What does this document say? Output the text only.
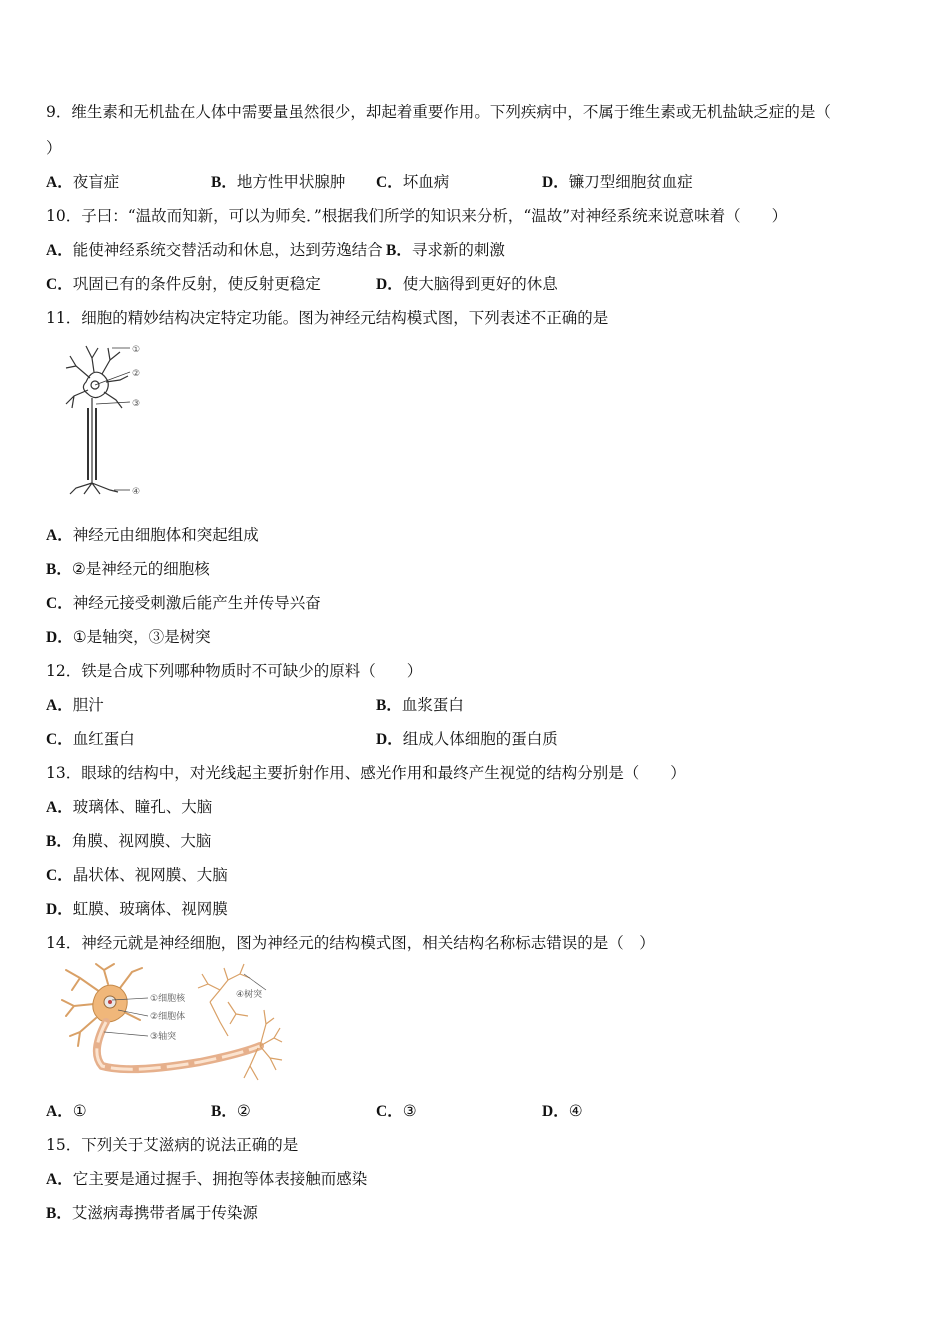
9．维生素和无机盐在人体中需要量虽然很少，却起着重要作用。下列疾病中，不属于维生素或无机盐缺乏症的是（
）
A．夜盲症	B．地方性甲状腺肿 C．坏血病	D．镰刀型细胞贫血症
10．子曰：“温故而知新，可以为师矣．”根据我们所学的知识来分析，“温故”对神经系统来说意味着（　　）
A．能使神经系统交替活动和休息，达到劳逸结合 B．寻求新的刺激
C．巩固已有的条件反射，使反射更稳定	D．使大脑得到更好的休息
11．细胞的精妙结构决定特定功能。图为神经元结构模式图，下列表述不正确的是
①
②
③
④
A．神经元由细胞体和突起组成
B．②是神经元的细胞核
C．神经元接受刺激后能产生并传导兴奋
D．①是轴突，③是树突
12．铁是合成下列哪种物质时不可缺少的原料（　　）
A．胆汁	B．血浆蛋白
C．血红蛋白	D．组成人体细胞的蛋白质
13．眼球的结构中，对光线起主要折射作用、感光作用和最终产生视觉的结构分别是（　　）
A．玻璃体、瞳孔、大脑
B．角膜、视网膜、大脑
C．晶状体、视网膜、大脑
D．虹膜、玻璃体、视网膜
14．神经元就是神经细胞，图为神经元的结构模式图，相关结构名称标志错误的是（　）
①细胞核
②细胞体
③轴突
④树突
A．①	B．②	C．③	D．④
15．下列关于艾滋病的说法正确的是
A．它主要是通过握手、拥抱等体表接触而感染
B．艾滋病毒携带者属于传染源
